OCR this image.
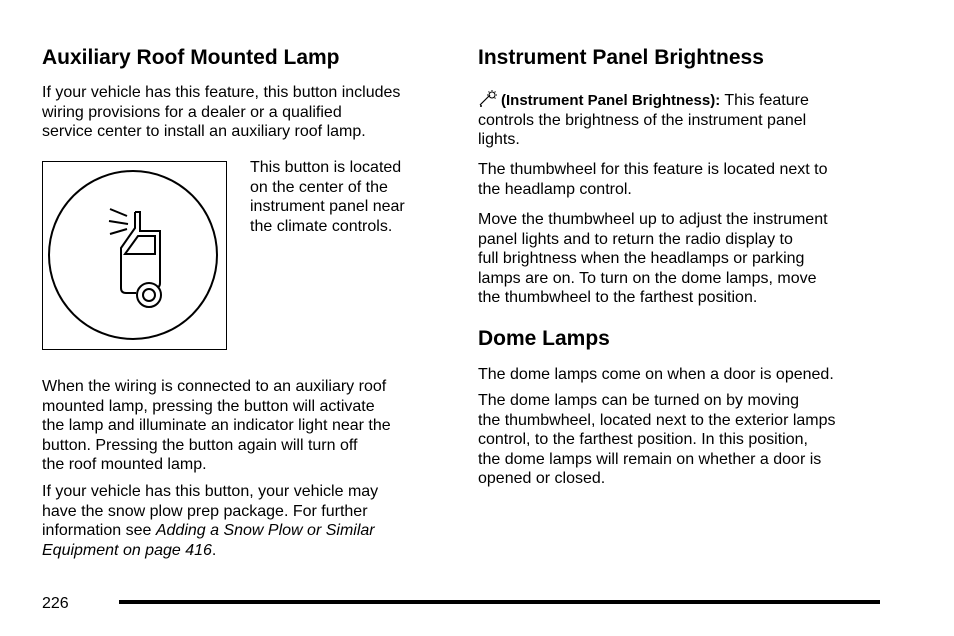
Auxiliary Roof Mounted Lamp
If your vehicle has this feature, this button includes
wiring provisions for a dealer or a qualified
service center to install an auxiliary roof lamp.
This button is located
on the center of the
instrument panel near
the climate controls.
When the wiring is connected to an auxiliary roof
mounted lamp, pressing the button will activate
the lamp and illuminate an indicator light near the
button. Pressing the button again will turn off
the roof mounted lamp.
If your vehicle has this button, your vehicle may
have the snow plow prep package. For further
information see Adding a Snow Plow or Similar
Equipment on page 416.
Instrument Panel Brightness
(Instrument Panel Brightness): This feature
controls the brightness of the instrument panel
lights.
The thumbwheel for this feature is located next to
the headlamp control.
Move the thumbwheel up to adjust the instrument
panel lights and to return the radio display to
full brightness when the headlamps or parking
lamps are on. To turn on the dome lamps, move
the thumbwheel to the farthest position.
Dome Lamps
The dome lamps come on when a door is opened.
The dome lamps can be turned on by moving
the thumbwheel, located next to the exterior lamps
control, to the farthest position. In this position,
the dome lamps will remain on whether a door is
opened or closed.
226
